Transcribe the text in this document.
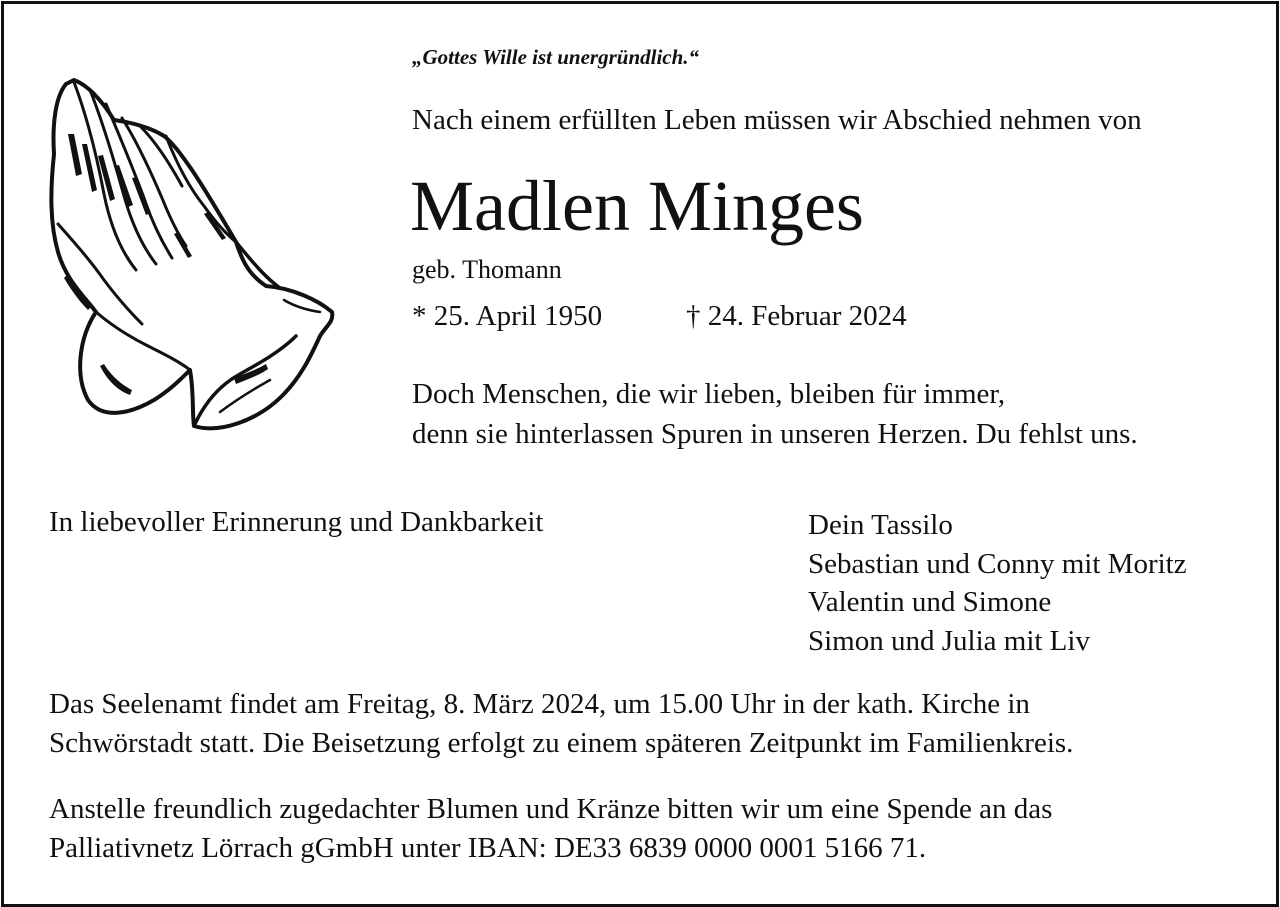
„Gottes Wille ist unergründlich.“
Nach einem erfüllten Leben müssen wir Abschied nehmen von
Madlen Minges
geb. Thomann
* 25. April 1950	† 24. Februar 2024
Doch Menschen, die wir lieben, bleiben für immer,
denn sie hinterlassen Spuren in unseren Herzen. Du fehlst uns.
In liebevoller Erinnerung und Dankbarkeit	Dein Tassilo
Sebastian und Conny mit Moritz
Valentin und Simone
Simon und Julia mit Liv
Das Seelenamt findet am Freitag, 8. März 2024, um 15.00 Uhr in der kath. Kirche in
Schwörstadt statt. Die Beisetzung erfolgt zu einem späteren Zeitpunkt im Familienkreis.
Anstelle freundlich zugedachter Blumen und Kränze bitten wir um eine Spende an das
Palliativnetz Lörrach gGmbH unter IBAN: DE33 6839 0000 0001 5166 71.
